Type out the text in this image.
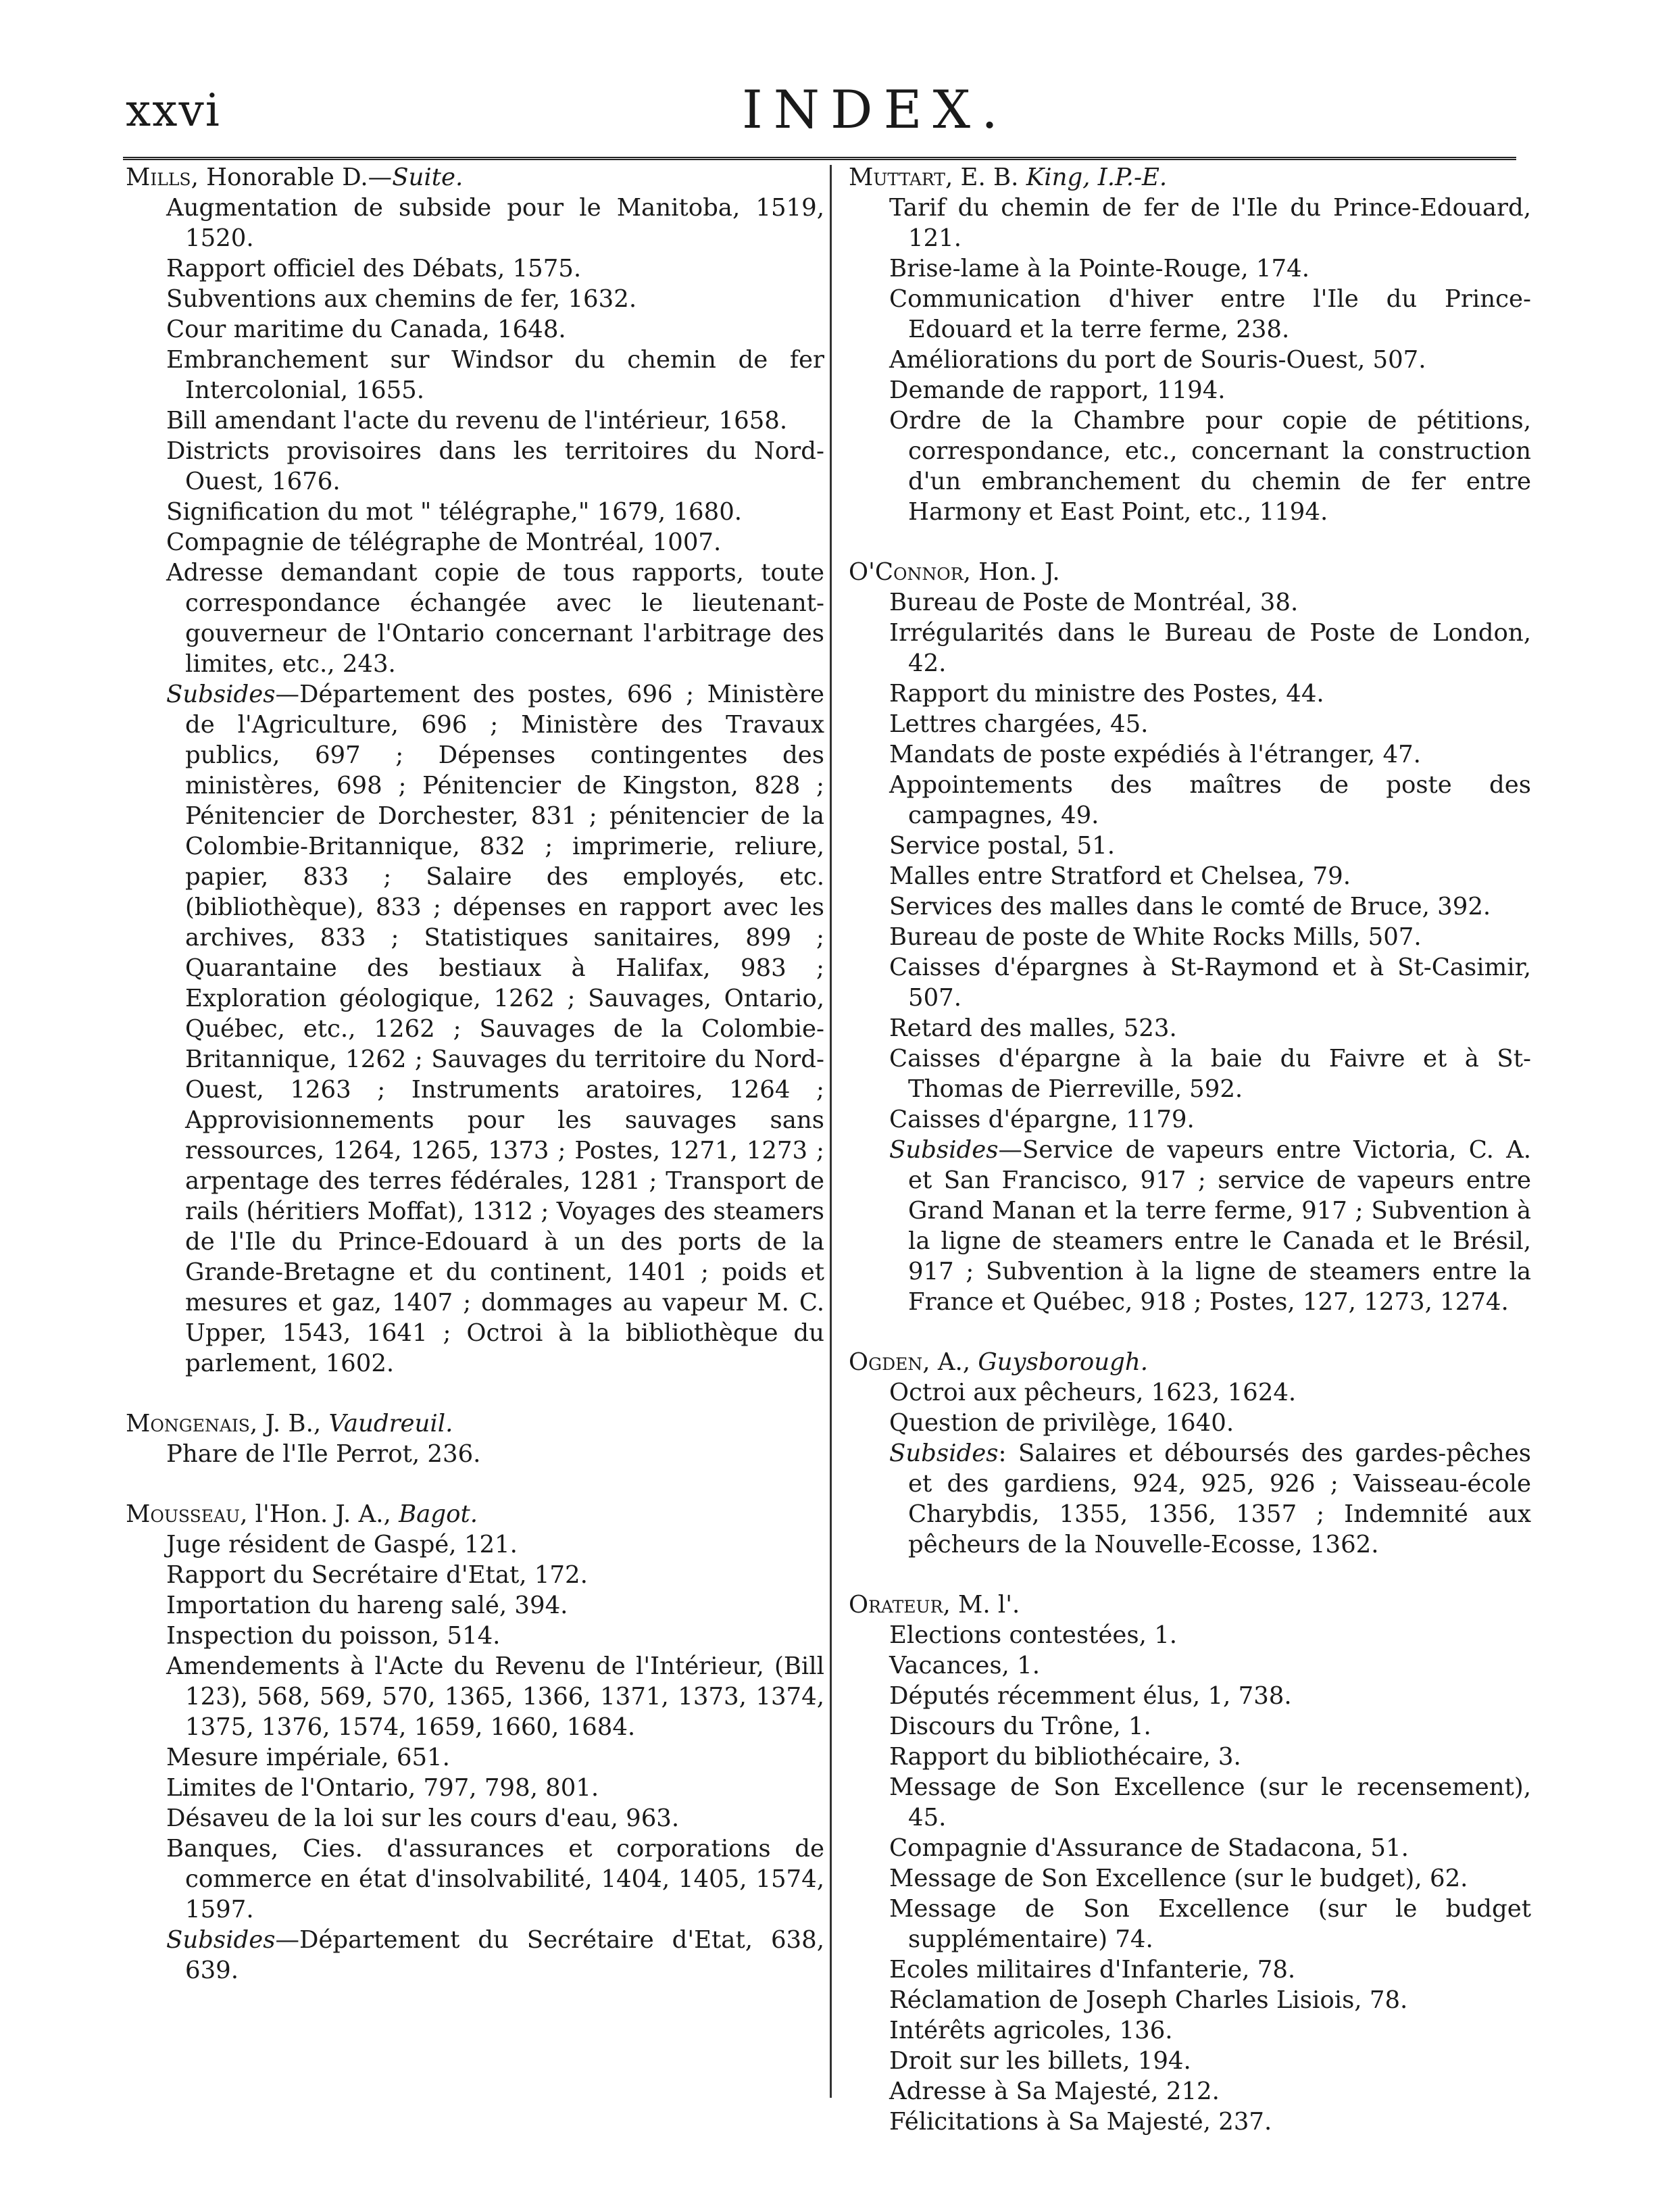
xxvi	INDEX.
Mills, Honorable D.—Suite.
Augmentation de subside pour le Manitoba, 1519, 1520.
Rapport officiel des Débats, 1575.
Subventions aux chemins de fer, 1632.
Cour maritime du Canada, 1648.
Embranchement sur Windsor du chemin de fer Intercolonial, 1655.
Bill amendant l'acte du revenu de l'intérieur, 1658.
Districts provisoires dans les territoires du Nord-Ouest, 1676.
Signification du mot " télégraphe," 1679, 1680.
Compagnie de télégraphe de Montréal, 1007.
Adresse demandant copie de tous rapports, toute correspondance échangée avec le lieutenant-gouverneur de l'Ontario concernant l'arbitrage des limites, etc., 243.
Subsides—Département des postes, 696 ; Ministère de l'Agriculture, 696 ; Ministère des Travaux publics, 697 ; Dépenses contingentes des ministères, 698 ; Pénitencier de Kingston, 828 ; Pénitencier de Dorchester, 831 ; pénitencier de la Colombie-Britannique, 832 ; imprimerie, reliure, papier, 833 ; Salaire des employés, etc. (bibliothèque), 833 ; dépenses en rapport avec les archives, 833 ; Statistiques sanitaires, 899 ; Quarantaine des bestiaux à Halifax, 983 ; Exploration géologique, 1262 ; Sauvages, Ontario, Québec, etc., 1262 ; Sauvages de la Colombie-Britannique, 1262 ; Sauvages du territoire du Nord-Ouest, 1263 ; Instruments aratoires, 1264 ; Approvisionnements pour les sauvages sans ressources, 1264, 1265, 1373 ; Postes, 1271, 1273 ; arpentage des terres fédérales, 1281 ; Transport de rails (héritiers Moffat), 1312 ; Voyages des steamers de l'Ile du Prince-Edouard à un des ports de la Grande-Bretagne et du continent, 1401 ; poids et mesures et gaz, 1407 ; dommages au vapeur M. C. Upper, 1543, 1641 ; Octroi à la bibliothèque du parlement, 1602.
Mongenais, J. B., Vaudreuil.
Phare de l'Ile Perrot, 236.
Mousseau, l'Hon. J. A., Bagot.
Juge résident de Gaspé, 121.
Rapport du Secrétaire d'Etat, 172.
Importation du hareng salé, 394.
Inspection du poisson, 514.
Amendements à l'Acte du Revenu de l'Intérieur, (Bill 123), 568, 569, 570, 1365, 1366, 1371, 1373, 1374, 1375, 1376, 1574, 1659, 1660, 1684.
Mesure impériale, 651.
Limites de l'Ontario, 797, 798, 801.
Désaveu de la loi sur les cours d'eau, 963.
Banques, Cies. d'assurances et corporations de commerce en état d'insolvabilité, 1404, 1405, 1574, 1597.
Subsides—Département du Secrétaire d'Etat, 638, 639.
Muttart, E. B. King, I.P.-E.
Tarif du chemin de fer de l'Ile du Prince-Edouard, 121.
Brise-lame à la Pointe-Rouge, 174.
Communication d'hiver entre l'Ile du Prince-Edouard et la terre ferme, 238.
Améliorations du port de Souris-Ouest, 507.
Demande de rapport, 1194.
Ordre de la Chambre pour copie de pétitions, correspondance, etc., concernant la construction d'un embranchement du chemin de fer entre Harmony et East Point, etc., 1194.
O'Connor, Hon. J.
Bureau de Poste de Montréal, 38.
Irrégularités dans le Bureau de Poste de London, 42.
Rapport du ministre des Postes, 44.
Lettres chargées, 45.
Mandats de poste expédiés à l'étranger, 47.
Appointements des maîtres de poste des campagnes, 49.
Service postal, 51.
Malles entre Stratford et Chelsea, 79.
Services des malles dans le comté de Bruce, 392.
Bureau de poste de White Rocks Mills, 507.
Caisses d'épargnes à St-Raymond et à St-Casimir, 507.
Retard des malles, 523.
Caisses d'épargne à la baie du Faivre et à St-Thomas de Pierreville, 592.
Caisses d'épargne, 1179.
Subsides—Service de vapeurs entre Victoria, C. A. et San Francisco, 917 ; service de vapeurs entre Grand Manan et la terre ferme, 917 ; Subvention à la ligne de steamers entre le Canada et le Brésil, 917 ; Subvention à la ligne de steamers entre la France et Québec, 918 ; Postes, 127, 1273, 1274.
Ogden, A., Guysborough.
Octroi aux pêcheurs, 1623, 1624.
Question de privilège, 1640.
Subsides: Salaires et déboursés des gardes-pêches et des gardiens, 924, 925, 926 ; Vaisseau-école Charybdis, 1355, 1356, 1357 ; Indemnité aux pêcheurs de la Nouvelle-Ecosse, 1362.
Orateur, M. l'.
Elections contestées, 1.
Vacances, 1.
Députés récemment élus, 1, 738.
Discours du Trône, 1.
Rapport du bibliothécaire, 3.
Message de Son Excellence (sur le recensement), 45.
Compagnie d'Assurance de Stadacona, 51.
Message de Son Excellence (sur le budget), 62.
Message de Son Excellence (sur le budget supplémentaire) 74.
Ecoles militaires d'Infanterie, 78.
Réclamation de Joseph Charles Lisiois, 78.
Intérêts agricoles, 136.
Droit sur les billets, 194.
Adresse à Sa Majesté, 212.
Félicitations à Sa Majesté, 237.
